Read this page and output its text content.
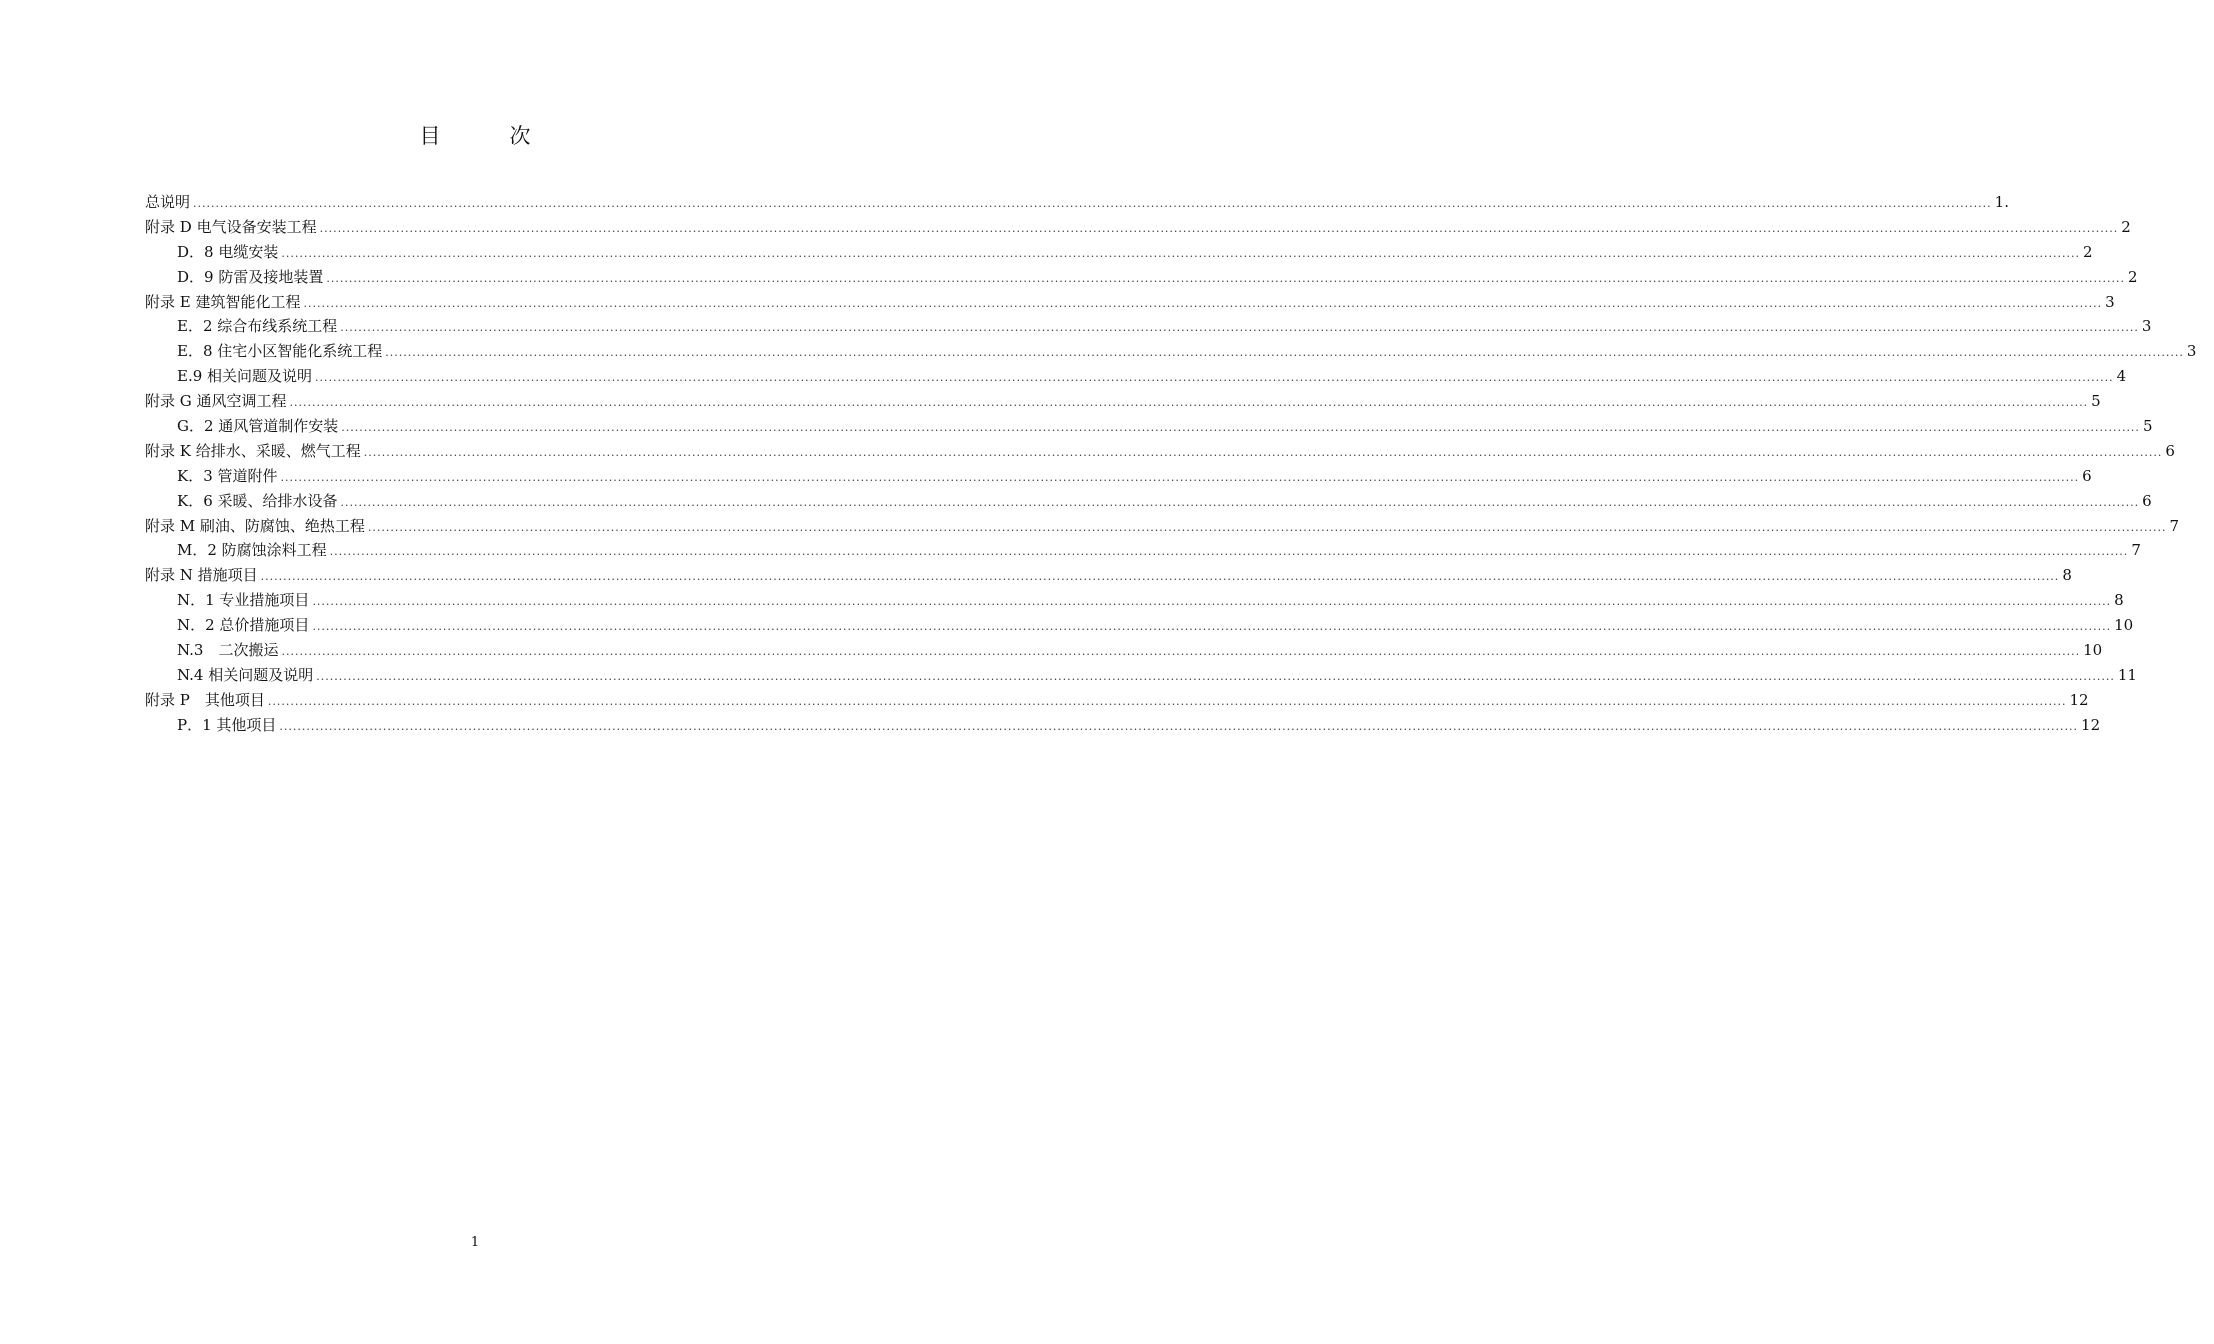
目　次
总说明 ................................................................................................................................................................................................................................................................................................................................................................................................................ 1.
附录 D 电气设备安装工程 ................................................................................................................................................................................................................................................................................................................................................................................................................ 2
D．8 电缆安装 ................................................................................................................................................................................................................................................................................................................................................................................................................ 2
D．9 防雷及接地装置 ................................................................................................................................................................................................................................................................................................................................................................................................................ 2
附录 E 建筑智能化工程 ................................................................................................................................................................................................................................................................................................................................................................................................................ 3
E．2 综合布线系统工程 ................................................................................................................................................................................................................................................................................................................................................................................................................ 3
E．8 住宅小区智能化系统工程 ................................................................................................................................................................................................................................................................................................................................................................................................................ 3
E.9 相关问题及说明 ................................................................................................................................................................................................................................................................................................................................................................................................................ 4
附录 G 通风空调工程 ................................................................................................................................................................................................................................................................................................................................................................................................................ 5
G．2 通风管道制作安装 ................................................................................................................................................................................................................................................................................................................................................................................................................ 5
附录 K 给排水、采暖、燃气工程 ................................................................................................................................................................................................................................................................................................................................................................................................................ 6
K．3 管道附件 ................................................................................................................................................................................................................................................................................................................................................................................................................ 6
K．6 采暖、给排水设备 ................................................................................................................................................................................................................................................................................................................................................................................................................ 6
附录 M 刷油、防腐蚀、绝热工程 ................................................................................................................................................................................................................................................................................................................................................................................................................ 7
M．2 防腐蚀涂料工程 ................................................................................................................................................................................................................................................................................................................................................................................................................ 7
附录 N 措施项目 ................................................................................................................................................................................................................................................................................................................................................................................................................ 8
N．1 专业措施项目 ................................................................................................................................................................................................................................................................................................................................................................................................................ 8
N．2 总价措施项目 ................................................................................................................................................................................................................................................................................................................................................................................................................ 10
N.3　二次搬运 ................................................................................................................................................................................................................................................................................................................................................................................................................ 10
N.4 相关问题及说明 ................................................................................................................................................................................................................................................................................................................................................................................................................ 11
附录 P　其他项目 ................................................................................................................................................................................................................................................................................................................................................................................................................ 12
P．1 其他项目 ................................................................................................................................................................................................................................................................................................................................................................................................................ 12
1
